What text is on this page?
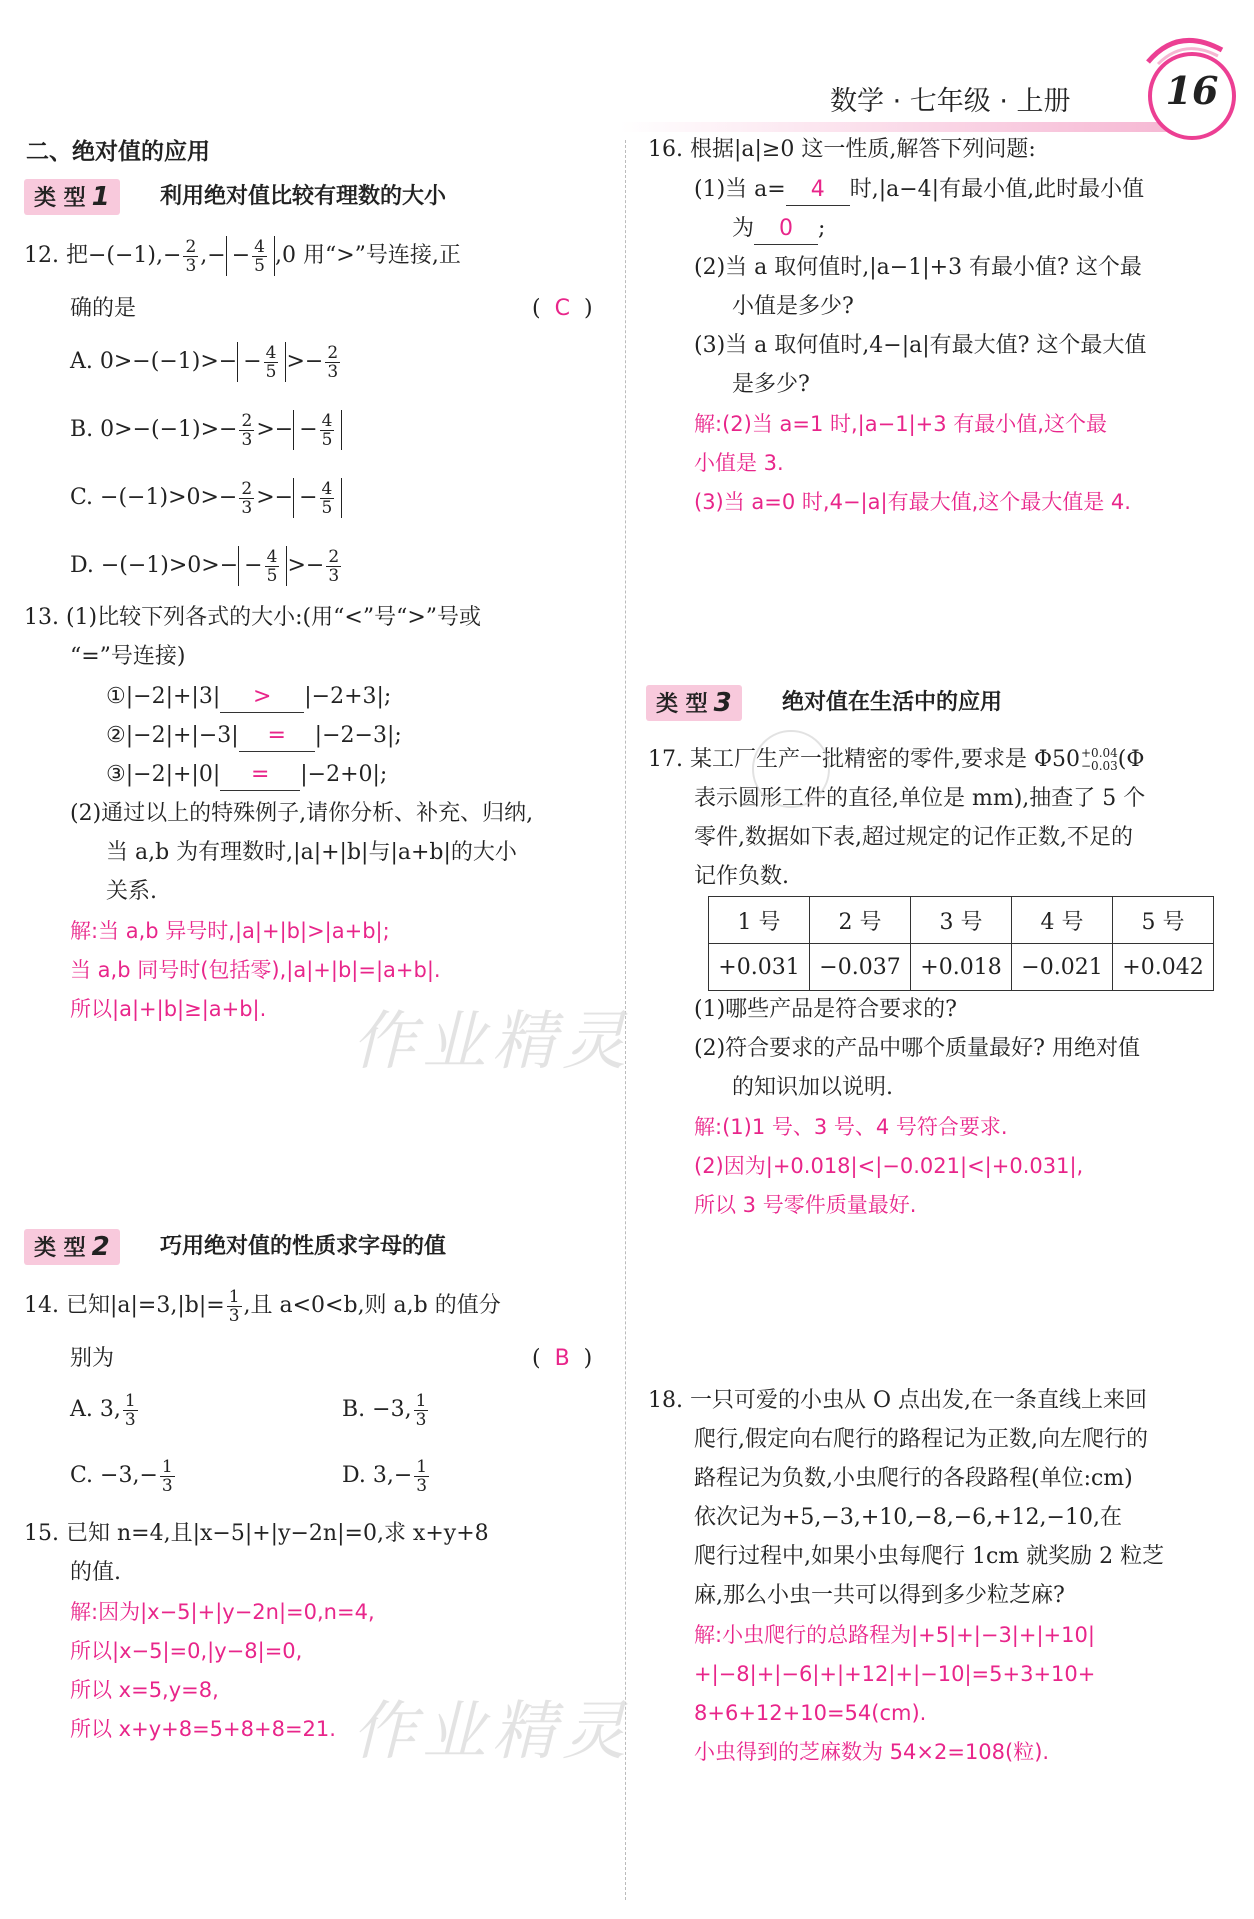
数学 · 七年级 · 上册	16
二、绝对值的应用
类 型 1	利用绝对值比较有理数的大小
12. 把$-(-1),- \frac{2}{3}$ ,− − $\frac{4}{5} ,0$ 用“>”号连接,正
确的是	(  C  )
A. $0>-(-1)>- - \frac{4}{5} >- \frac{2}{3}$
B. $0>-(-1)>- \frac{2}{3}$ >− − $\frac{4}{5}$
C. $-(-1)>0>- \frac{2}{3}$ >− − $\frac{4}{5}$
D. $-(-1)>0>- - \frac{4}{5} >- \frac{2}{3}$
13. (1)比较下列各式的大小:(用“<”号“>”号或
“=”号连接)
①|−2|+|3| > |−2+3|;
②|−2|+|−3| = |−2−3|;
③|−2|+|0| = |−2+0|;
(2)通过以上的特殊例子,请你分析、补充、归纳,
当 a,b 为有理数时,|a|+|b|与|a+b|的大小
关系.
解:当 a,b 异号时,|a|+|b|>|a+b|;
当 a,b 同号时(包括零),|a|+|b|=|a+b|.
所以|a|+|b|≥|a+b|. 作业精灵
类 型 2	巧用绝对值的性质求字母的值
14. 已知$|a|=3,|b|= \frac{1}{3}$ ,且 a<0<b,则 a,b 的值分
别为	(  B  )
A. 3, $\frac{1}{3}$	B. −3, $\frac{1}{3}$
C. $-3,- \frac{1}{3}$	D. $3,- \frac{1}{3}$
15. 已知 n=4,且|x−5|+|y−2n|=0,求 x+y+8
的值.
解:因为|x−5|+|y−2n|=0,n=4,
所以|x−5|=0,|y−8|=0,
所以 x=5,y=8,
所以 x+y+8=5+8+8=21. 作业精灵
16. 根据|a|≥0 这一性质,解答下列问题:
(1)当 a= 4 时,|a−4|有最小值,此时最小值
为 0 ;
(2)当 a 取何值时,|a−1|+3 有最小值? 这个最
小值是多少?
(3)当 a 取何值时,4−|a|有最大值? 这个最大值
是多少?
解:(2)当 a=1 时,|a−1|+3 有最小值,这个最
小值是 3.
(3)当 a=0 时,4−|a|有最大值,这个最大值是 4.
类 型 3	绝对值在生活中的应用
17. 某工厂生产一批精密的零件,要求是 Φ50 +0.04
−0.03 (Φ
表示圆形工件的直径,单位是 mm),抽查了 5 个
零件,数据如下表,超过规定的记作正数,不足的
记作负数.
1 号	2 号	3 号	4 号	5 号
+0.031	−0.037	+0.018	−0.021	+0.042
(1)哪些产品是符合要求的?
(2)符合要求的产品中哪个质量最好? 用绝对值
的知识加以说明.
解:(1)1 号、3 号、4 号符合要求.
(2)因为|+0.018|<|−0.021|<|+0.031|,
所以 3 号零件质量最好.
18. 一只可爱的小虫从 O 点出发,在一条直线上来回
爬行,假定向右爬行的路程记为正数,向左爬行的
路程记为负数,小虫爬行的各段路程(单位:cm)
依次记为+5,−3,+10,−8,−6,+12,−10,在
爬行过程中,如果小虫每爬行 1cm 就奖励 2 粒芝
麻,那么小虫一共可以得到多少粒芝麻?
解:小虫爬行的总路程为|+5|+|−3|+|+10|
+|−8|+|−6|+|+12|+|−10|=5+3+10+
8+6+12+10=54(cm).
小虫得到的芝麻数为 54×2=108(粒).
